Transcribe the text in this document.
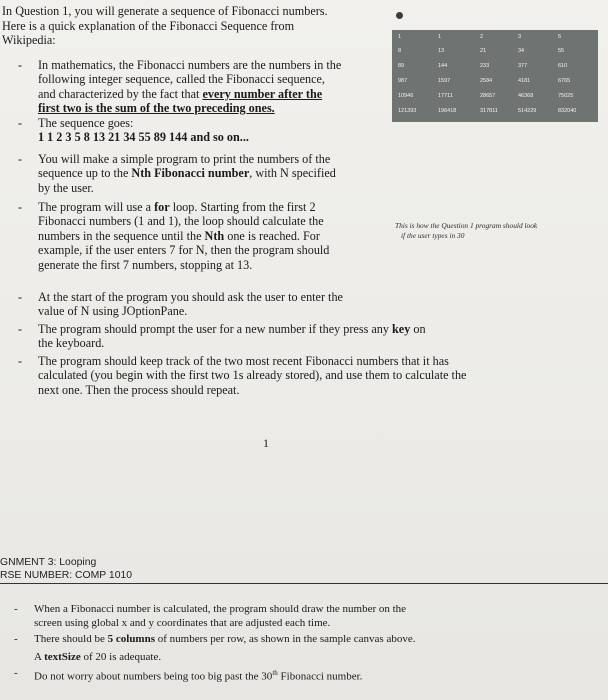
In Question 1, you will generate a sequence of Fibonacci numbers.
Here is a quick explanation of the Fibonacci Sequence from
Wikipedia:
- In mathematics, the Fibonacci numbers are the numbers in the
following integer sequence, called the Fibonacci sequence,
and characterized by the fact that every number after the
first two is the sum of the two preceding ones.
- The sequence goes:
1 1 2 3 5 8 13 21 34 55 89 144 and so on...
- You will make a simple program to print the numbers of the
sequence up to the Nth Fibonacci number, with N specified
by the user.
- The program will use a for loop. Starting from the first 2
Fibonacci numbers (1 and 1), the loop should calculate the
numbers in the sequence until the Nth one is reached. For
example, if the user enters 7 for N, then the program should
generate the first 7 numbers, stopping at 13.
- At the start of the program you should ask the user to enter the
value of N using JOptionPane.
- The program should prompt the user for a new number if they press any key on
the keyboard.
- The program should keep track of the two most recent Fibonacci numbers that it has
calculated (you begin with the first two 1s already stored), and use them to calculate the
next one. Then the process should repeat.
1	1	2	3	5
8	13	21	34	55
89	144	233	377	610
987	1597	2584	4181	6765
10946	17711	28657	46368	75025
121393	196418	317811	514229	832040
This is how the Question 1 program should look
if the user types in 30
1
GNMENT 3: Looping
RSE NUMBER: COMP 1010
- When a Fibonacci number is calculated, the program should draw the number on the
screen using global x and y coordinates that are adjusted each time.
- There should be 5 columns of numbers per row, as shown in the sample canvas above.
A textSize of 20 is adequate.
- Do not worry about numbers being too big past the 30th Fibonacci number.
